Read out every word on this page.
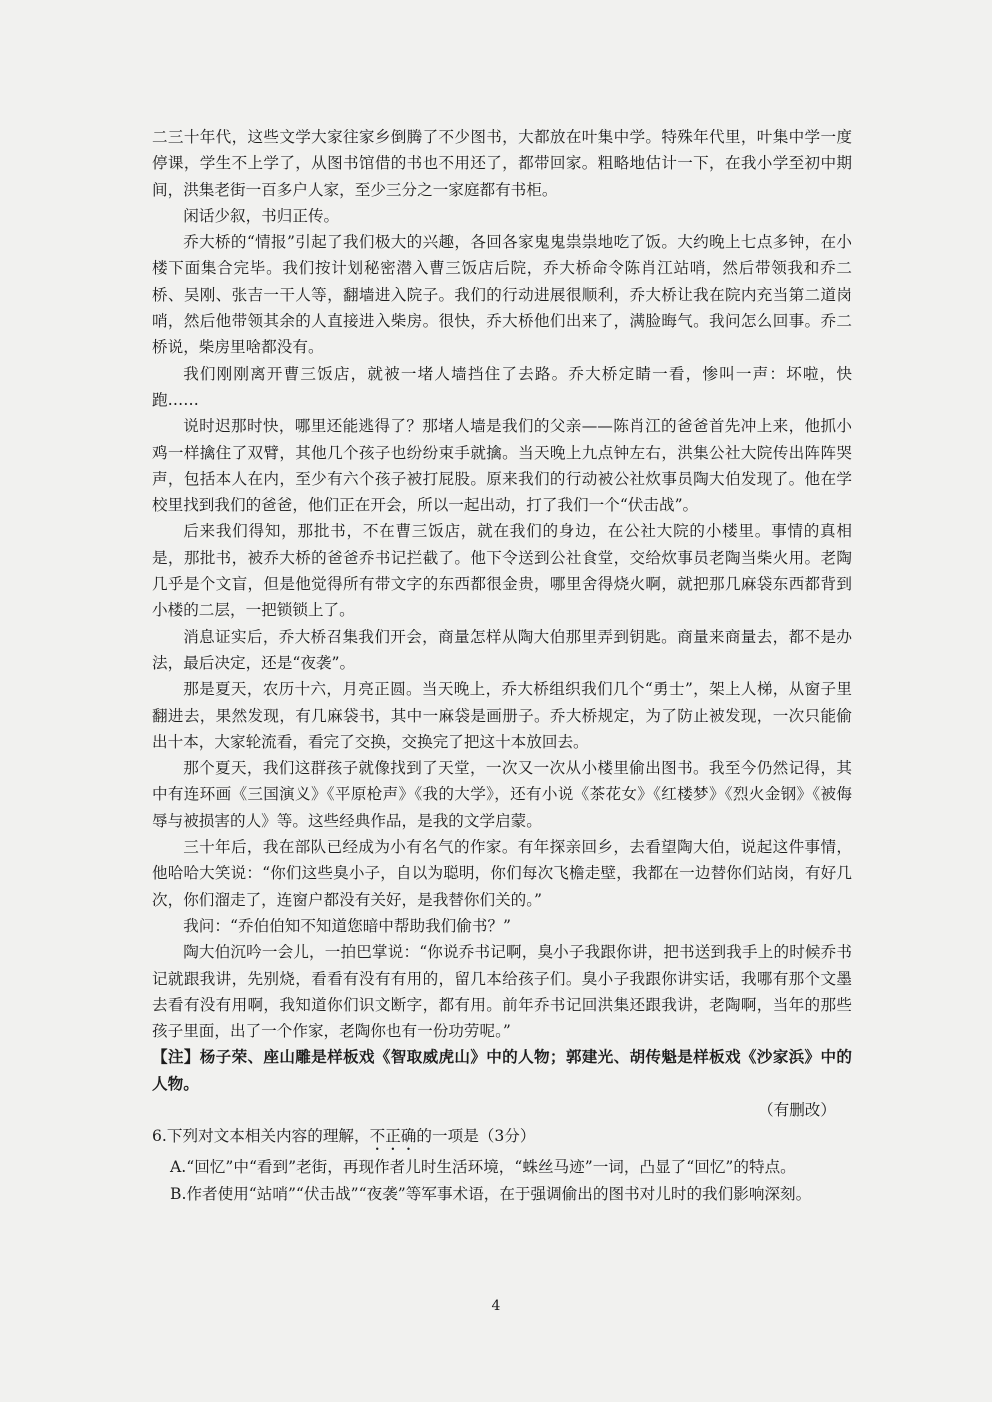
二三十年代，这些文学大家往家乡倒腾了不少图书，大都放在叶集中学。特殊年代里，叶集中学一度停课，学生不上学了，从图书馆借的书也不用还了，都带回家。粗略地估计一下，在我小学至初中期间，洪集老街一百多户人家，至少三分之一家庭都有书柜。

闲话少叙，书归正传。

乔大桥的“情报”引起了我们极大的兴趣，各回各家鬼鬼祟祟地吃了饭。大约晚上七点多钟，在小楼下面集合完毕。我们按计划秘密潜入曹三饭店后院，乔大桥命令陈肖江站哨，然后带领我和乔二桥、吴刚、张吉一干人等，翻墙进入院子。我们的行动进展很顺利，乔大桥让我在院内充当第二道岗哨，然后他带领其余的人直接进入柴房。很快，乔大桥他们出来了，满脸晦气。我问怎么回事。乔二桥说，柴房里啥都没有。

我们刚刚离开曹三饭店，就被一堵人墙挡住了去路。乔大桥定睛一看，惨叫一声：坏啦，快跑……

说时迟那时快，哪里还能逃得了？那堵人墙是我们的父亲——陈肖江的爸爸首先冲上来，他抓小鸡一样擒住了双臂，其他几个孩子也纷纷束手就擒。当天晚上九点钟左右，洪集公社大院传出阵阵哭声，包括本人在内，至少有六个孩子被打屁股。原来我们的行动被公社炊事员陶大伯发现了。他在学校里找到我们的爸爸，他们正在开会，所以一起出动，打了我们一个“伏击战”。

后来我们得知，那批书，不在曹三饭店，就在我们的身边，在公社大院的小楼里。事情的真相是，那批书，被乔大桥的爸爸乔书记拦截了。他下令送到公社食堂，交给炊事员老陶当柴火用。老陶几乎是个文盲，但是他觉得所有带文字的东西都很金贵，哪里舍得烧火啊，就把那几麻袋东西都背到小楼的二层，一把锁锁上了。

消息证实后，乔大桥召集我们开会，商量怎样从陶大伯那里弄到钥匙。商量来商量去，都不是办法，最后决定，还是“夜袭”。

那是夏天，农历十六，月亮正圆。当天晚上，乔大桥组织我们几个“勇士”，架上人梯，从窗子里翻进去，果然发现，有几麻袋书，其中一麻袋是画册子。乔大桥规定，为了防止被发现，一次只能偷出十本，大家轮流看，看完了交换，交换完了把这十本放回去。

那个夏天，我们这群孩子就像找到了天堂，一次又一次从小楼里偷出图书。我至今仍然记得，其中有连环画《三国演义》《平原枪声》《我的大学》，还有小说《茶花女》《红楼梦》《烈火金钢》《被侮辱与被损害的人》等。这些经典作品，是我的文学启蒙。

三十年后，我在部队已经成为小有名气的作家。有年探亲回乡，去看望陶大伯，说起这件事情，他哈哈大笑说：“你们这些臭小子，自以为聪明，你们每次飞檐走壁，我都在一边替你们站岗，有好几次，你们溜走了，连窗户都没有关好，是我替你们关的。”

我问：“乔伯伯知不知道您暗中帮助我们偷书？”

陶大伯沉吟一会儿，一拍巴掌说：“你说乔书记啊，臭小子我跟你讲，把书送到我手上的时候乔书记就跟我讲，先别烧，看看有没有有用的，留几本给孩子们。臭小子我跟你讲实话，我哪有那个文墨去看有没有用啊，我知道你们识文断字，都有用。前年乔书记回洪集还跟我讲，老陶啊，当年的那些孩子里面，出了一个作家，老陶你也有一份功劳呢。”

【注】杨子荣、座山雕是样板戏《智取威虎山》中的人物；郭建光、胡传魁是样板戏《沙家浜》中的人物。

（有删改）

6.下列对文本相关内容的理解，不正确的一项是（3分）

A.“回忆”中“看到”老街，再现作者儿时生活环境，“蛛丝马迹”一词，凸显了“回忆”的特点。

B.作者使用“站哨”“伏击战”“夜袭”等军事术语，在于强调偷出的图书对儿时的我们影响深刻。

4
